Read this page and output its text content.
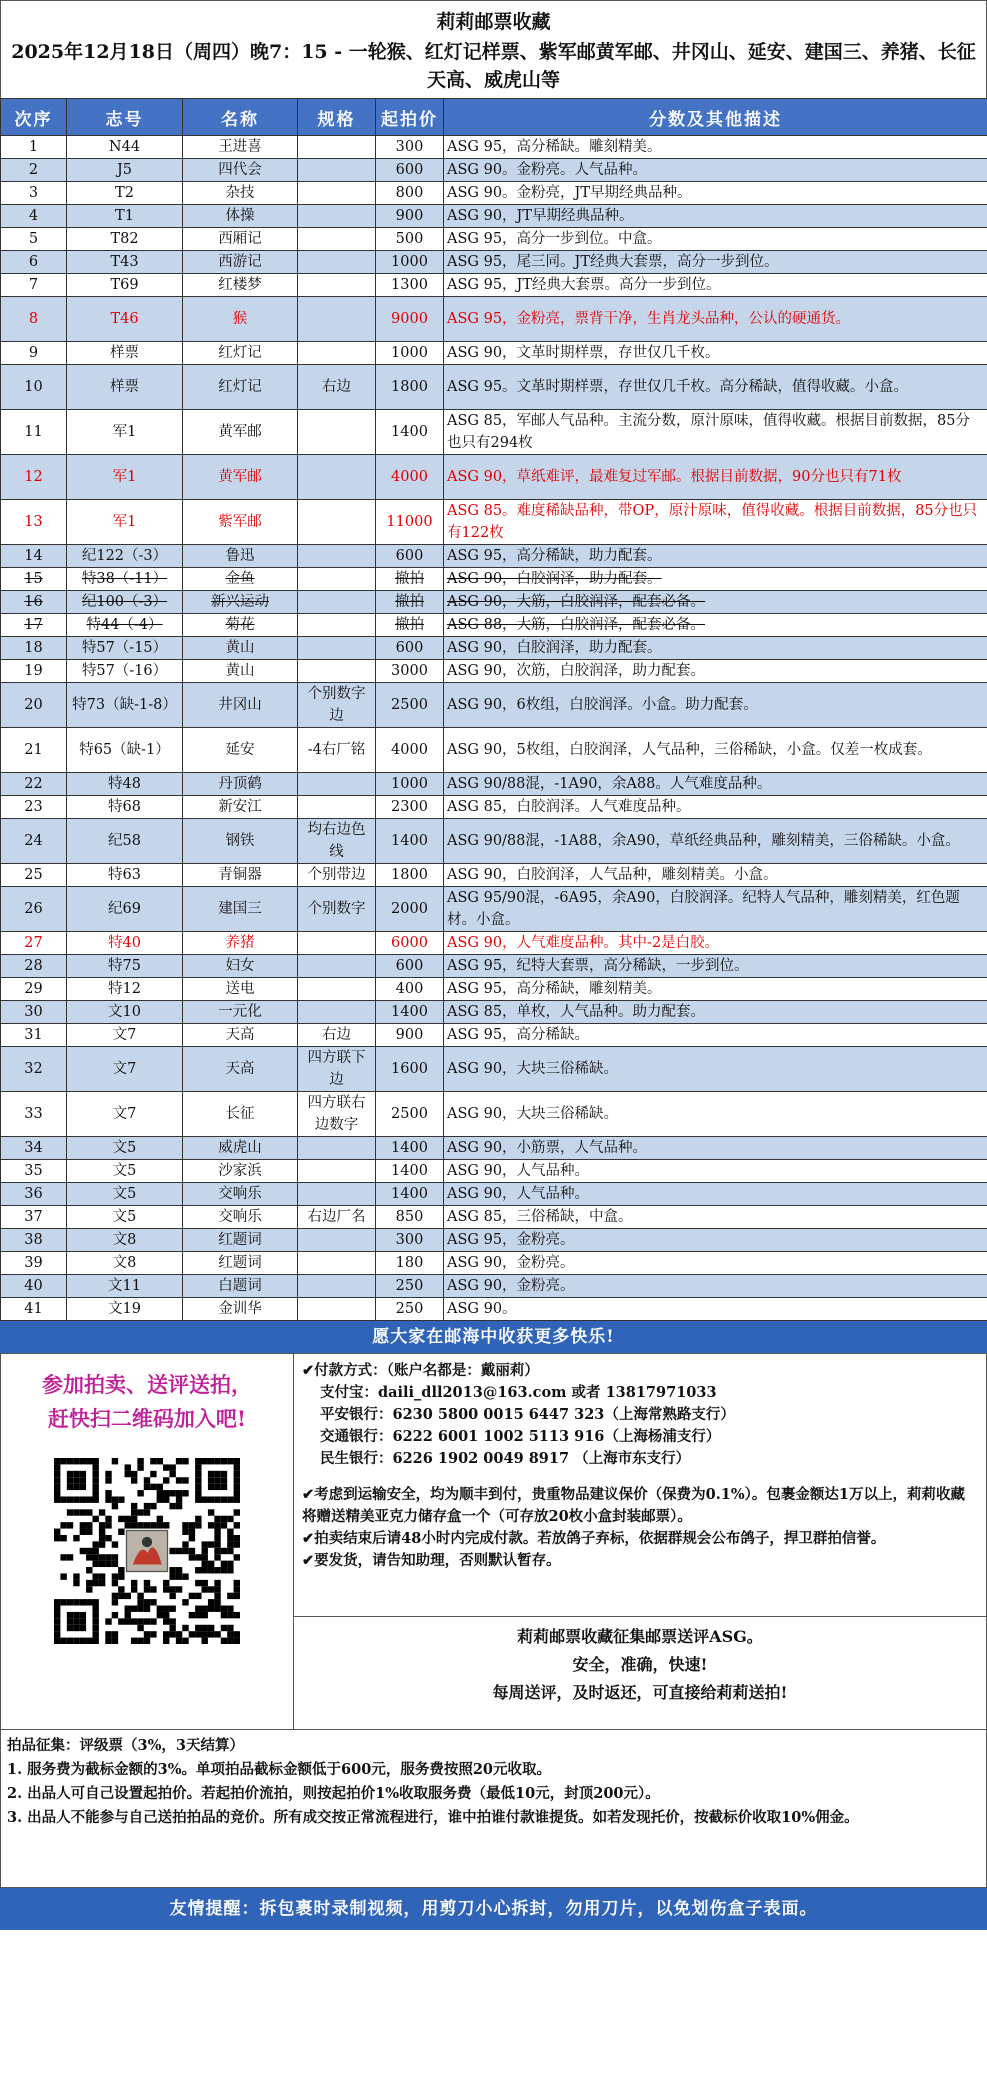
莉莉邮票收藏
2025年12月18日（周四）晚7：15 - 一轮猴、红灯记样票、紫军邮黄军邮、井冈山、延安、建国三、养猪、长征天高、威虎山等
次序	志号	名称	规格	起拍价	分数及其他描述
1	N44	王进喜		300	ASG 95，高分稀缺。雕刻精美。
2	J5	四代会		600	ASG 90。金粉亮。人气品种。
3	T2	杂技		800	ASG 90。金粉亮，JT早期经典品种。
4	T1	体操		900	ASG 90，JT早期经典品种。
5	T82	西厢记		500	ASG 95，高分一步到位。中盒。
6	T43	西游记		1000	ASG 95，尾三同。JT经典大套票，高分一步到位。
7	T69	红楼梦		1300	ASG 95，JT经典大套票。高分一步到位。
8	T46	猴		9000	ASG 95，金粉亮，票背干净，生肖龙头品种，公认的硬通货。
9	样票	红灯记		1000	ASG 90，文革时期样票，存世仅几千枚。
10	样票	红灯记	右边	1800	ASG 95。文革时期样票，存世仅几千枚。高分稀缺，值得收藏。小盒。
11	军1	黄军邮		1400	ASG 85，军邮人气品种。主流分数，原汁原味，值得收藏。根据目前数据，85分也只有294枚
12	军1	黄军邮		4000	ASG 90，草纸难评，最难复过军邮。根据目前数据，90分也只有71枚
13	军1	紫军邮		11000	ASG 85。难度稀缺品种，带OP，原汁原味，值得收藏。根据目前数据，85分也只有122枚
14	纪122（-3）	鲁迅		600	ASG 95，高分稀缺，助力配套。
15	特38（-11）	金鱼		撤拍	ASG 90，白胶润泽，助力配套。
16	纪100（-3）	新兴运动		撤拍	ASG 90，大筋，白胶润泽，配套必备。
17	特44（-4）	菊花		撤拍	ASG 88，大筋，白胶润泽，配套必备。
18	特57（-15）	黄山		600	ASG 90，白胶润泽，助力配套。
19	特57（-16）	黄山		3000	ASG 90，次筋，白胶润泽，助力配套。
20	特73（缺-1-8）	井冈山	个别数字边	2500	ASG 90，6枚组，白胶润泽。小盒。助力配套。
21	特65（缺-1）	延安	-4右厂铭	4000	ASG 90，5枚组，白胶润泽，人气品种，三俗稀缺，小盒。仅差一枚成套。
22	特48	丹顶鹤		1000	ASG 90/88混，-1A90，余A88。人气难度品种。
23	特68	新安江		2300	ASG 85，白胶润泽。人气难度品种。
24	纪58	钢铁	均右边色线	1400	ASG 90/88混，-1A88，余A90，草纸经典品种，雕刻精美，三俗稀缺。小盒。
25	特63	青铜器	个别带边	1800	ASG 90，白胶润泽，人气品种，雕刻精美。小盒。
26	纪69	建国三	个别数字	2000	ASG 95/90混，-6A95，余A90，白胶润泽。纪特人气品种，雕刻精美，红色题材。小盒。
27	特40	养猪		6000	ASG 90，人气难度品种。其中-2是白胶。
28	特75	妇女		600	ASG 95，纪特大套票，高分稀缺，一步到位。
29	特12	送电		400	ASG 95，高分稀缺，雕刻精美。
30	文10	一元化		1400	ASG 85，单枚，人气品种。助力配套。
31	文7	天高	右边	900	ASG 95，高分稀缺。
32	文7	天高	四方联下边	1600	ASG 90，大块三俗稀缺。
33	文7	长征	四方联右边数字	2500	ASG 90，大块三俗稀缺。
34	文5	威虎山		1400	ASG 90，小筋票，人气品种。
35	文5	沙家浜		1400	ASG 90，人气品种。
36	文5	交响乐		1400	ASG 90，人气品种。
37	文5	交响乐	右边厂名	850	ASG 85，三俗稀缺，中盒。
38	文8	红题词		300	ASG 95，金粉亮。
39	文8	红题词		180	ASG 90，金粉亮。
40	文11	白题词		250	ASG 90，金粉亮。
41	文19	金训华		250	ASG 90。
愿大家在邮海中收获更多快乐!
参加拍卖、送评送拍，
赶快扫二维码加入吧!
✔付款方式：（账户名都是：戴丽莉）
支付宝：daili_dll2013@163.com 或者 13817971033
平安银行：6230 5800 0015 6447 323（上海常熟路支行）
交通银行：6222 6001 1002 5113 916（上海杨浦支行）
民生银行：6226 1902 0049 8917 （上海市东支行）
✔考虑到运输安全，均为顺丰到付，贵重物品建议保价（保费为0.1%）。包裹金额达1万以上，莉莉收藏将赠送精美亚克力储存盒一个（可存放20枚小盒封装邮票）。
✔拍卖结束后请48小时内完成付款。若放鸽子弃标，依据群规会公布鸽子，捍卫群拍信誉。
✔要发货，请告知助理，否则默认暂存。
莉莉邮票收藏征集邮票送评ASG。
安全，准确，快速!
每周送评，及时返还，可直接给莉莉送拍!
拍品征集：评级票（3%，3天结算）
1. 服务费为截标金额的3%。单项拍品截标金额低于600元，服务费按照20元收取。
2. 出品人可自己设置起拍价。若起拍价流拍，则按起拍价1%收取服务费（最低10元，封顶200元）。
3. 出品人不能参与自己送拍拍品的竞价。所有成交按正常流程进行，谁中拍谁付款谁提货。如若发现托价，按截标价收取10%佣金。
友情提醒：拆包裹时录制视频，用剪刀小心拆封，勿用刀片，以免划伤盒子表面。
